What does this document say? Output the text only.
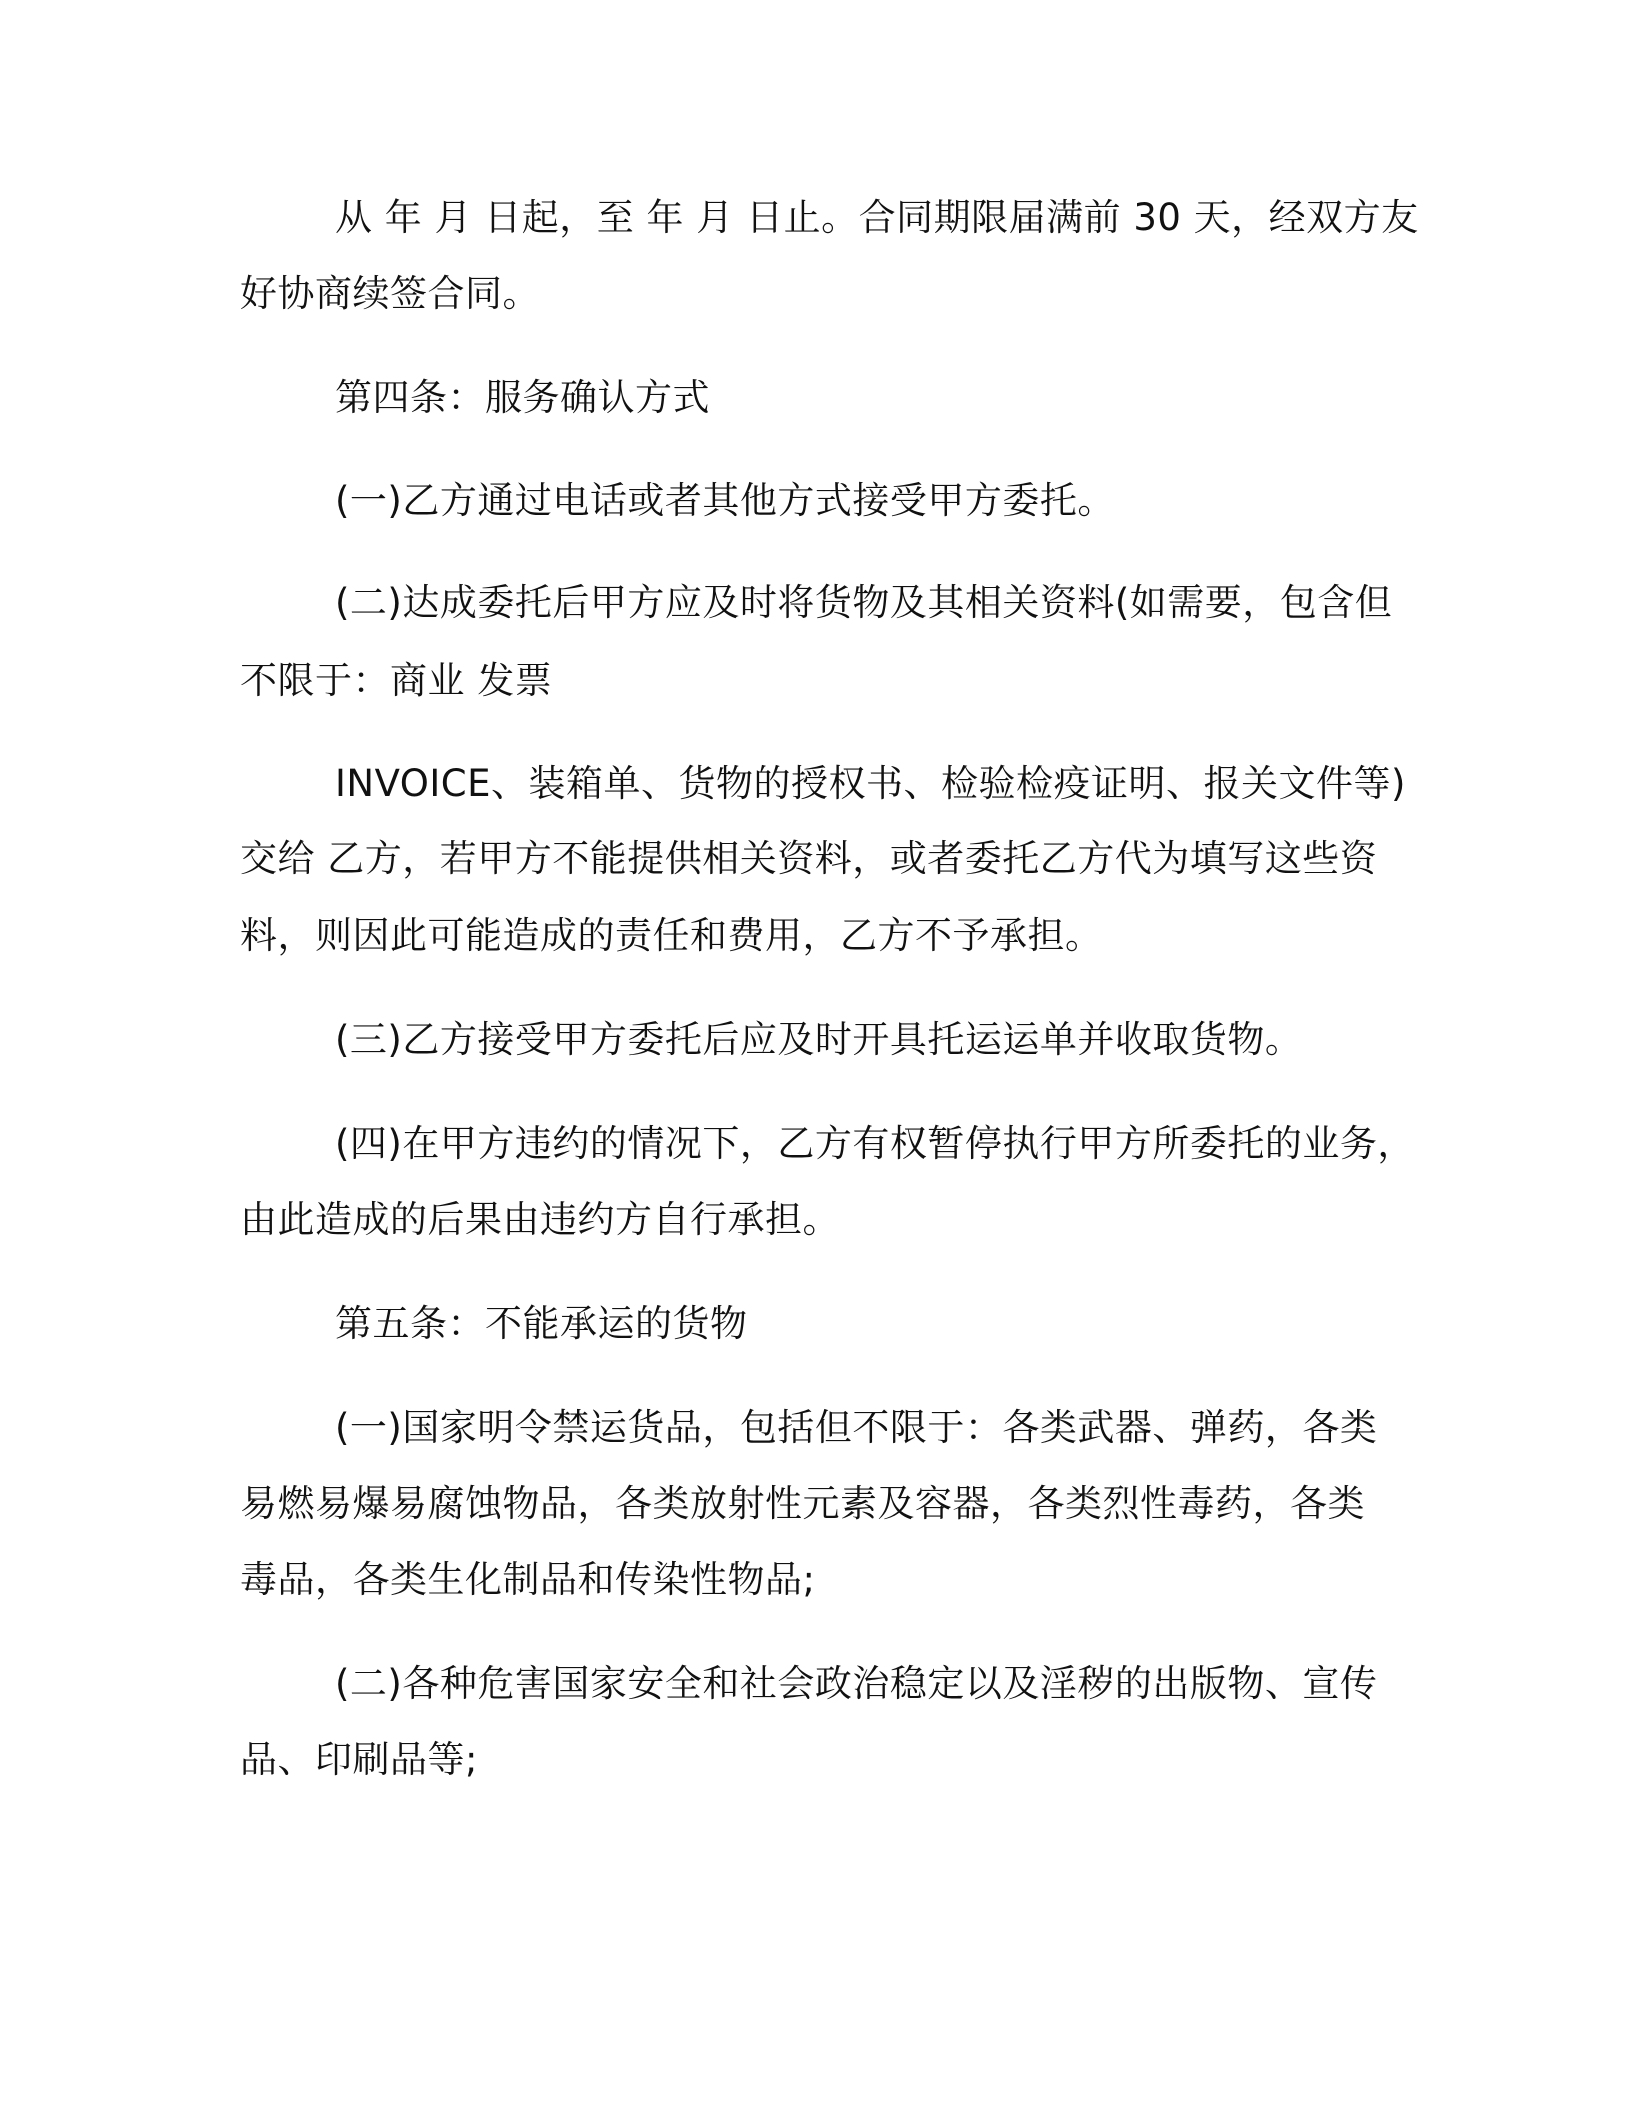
从 年 月 日起，至 年 月 日止。合同期限届满前 30 天，经双方友
好协商续签合同。
第四条：服务确认方式
(一)乙方通过电话或者其他方式接受甲方委托。
(二)达成委托后甲方应及时将货物及其相关资料(如需要，包含但
不限于：商业 发票
INVOICE、装箱单、货物的授权书、检验检疫证明、报关文件等)
交给 乙方，若甲方不能提供相关资料，或者委托乙方代为填写这些资
料，则因此可能造成的责任和费用，乙方不予承担。
(三)乙方接受甲方委托后应及时开具托运运单并收取货物。
(四)在甲方违约的情况下，乙方有权暂停执行甲方所委托的业务，
由此造成的后果由违约方自行承担。
第五条：不能承运的货物
(一)国家明令禁运货品，包括但不限于：各类武器、弹药，各类
易燃易爆易腐蚀物品，各类放射性元素及容器，各类烈性毒药，各类
毒品，各类生化制品和传染性物品;
(二)各种危害国家安全和社会政治稳定以及淫秽的出版物、宣传
品、印刷品等;
